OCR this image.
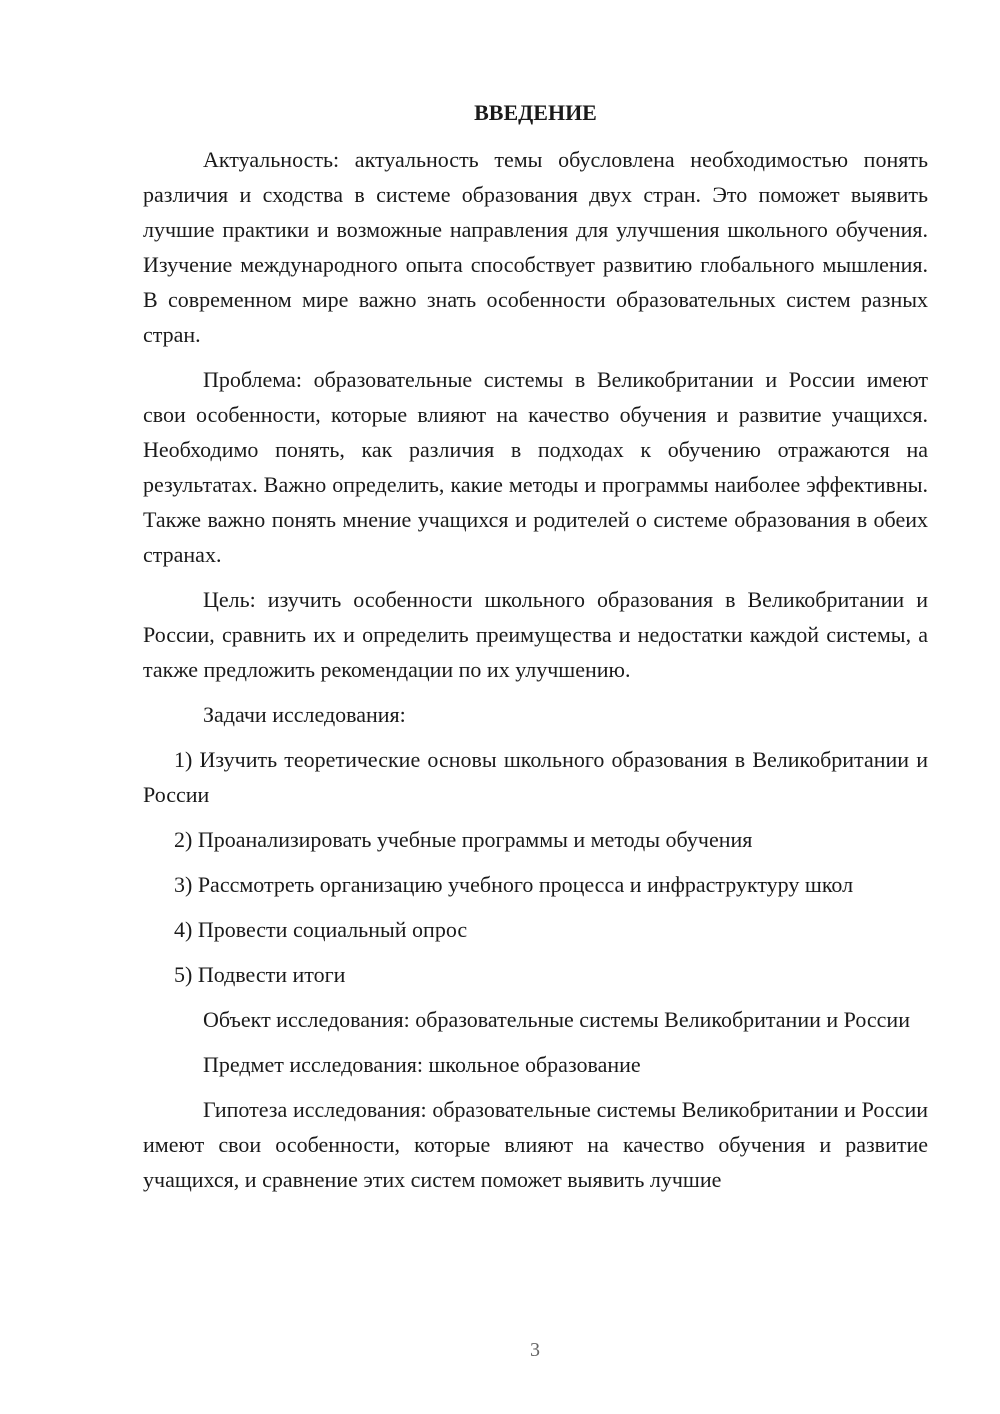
ВВЕДЕНИЕ

Актуальность: актуальность темы обусловлена необходимостью понять различия и сходства в системе образования двух стран. Это поможет выявить лучшие практики и возможные направления для улучшения школьного обучения. Изучение международного опыта способствует развитию глобального мышления. В современном мире важно знать особенности образовательных систем разных стран.

Проблема: образовательные системы в Великобритании и России имеют свои особенности, которые влияют на качество обучения и развитие учащихся. Необходимо понять, как различия в подходах к обучению отражаются на результатах. Важно определить, какие методы и программы наиболее эффективны. Также важно понять мнение учащихся и родителей о системе образования в обеих странах.

Цель: изучить особенности школьного образования в Великобритании и России, сравнить их и определить преимущества и недостатки каждой системы, а также предложить рекомендации по их улучшению.

Задачи исследования:

1) Изучить теоретические основы школьного образования в Великобритании и России

2) Проанализировать учебные программы и методы обучения

3) Рассмотреть организацию учебного процесса и инфраструктуру школ

4) Провести социальный опрос

5) Подвести итоги

Объект исследования: образовательные системы Великобритании и России

Предмет исследования: школьное образование

Гипотеза исследования: образовательные системы Великобритании и России имеют свои особенности, которые влияют на качество обучения и развитие учащихся, и сравнение этих систем поможет выявить лучшие

3
